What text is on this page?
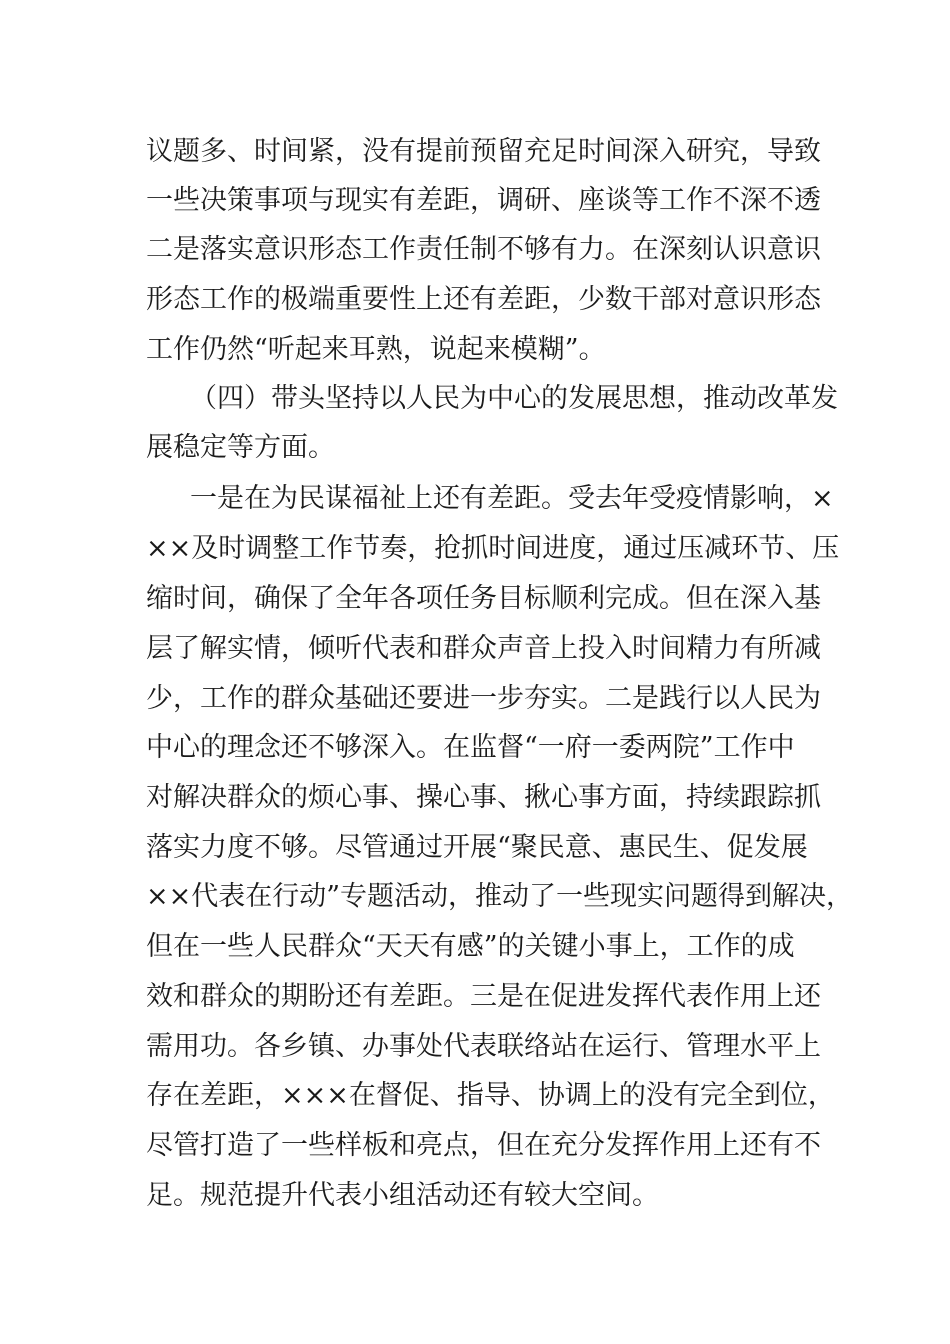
议题多、时间紧，没有提前预留充足时间深入研究，导致
一些决策事项与现实有差距，调研、座谈等工作不深不透
二是落实意识形态工作责任制不够有力。在深刻认识意识
形态工作的极端重要性上还有差距，少数干部对意识形态
工作仍然“听起来耳熟，说起来模糊”。
（四）带头坚持以人民为中心的发展思想，推动改革发
展稳定等方面。
一是在为民谋福祉上还有差距。受去年受疫情影响，×
××及时调整工作节奏，抢抓时间进度，通过压减环节、压
缩时间，确保了全年各项任务目标顺利完成。但在深入基
层了解实情，倾听代表和群众声音上投入时间精力有所减
少，工作的群众基础还要进一步夯实。二是践行以人民为
中心的理念还不够深入。在监督“一府一委两院”工作中
对解决群众的烦心事、操心事、揪心事方面，持续跟踪抓
落实力度不够。尽管通过开展“聚民意、惠民生、促发展
××代表在行动”专题活动，推动了一些现实问题得到解决，
但在一些人民群众“天天有感”的关键小事上，工作的成
效和群众的期盼还有差距。三是在促进发挥代表作用上还
需用功。各乡镇、办事处代表联络站在运行、管理水平上
存在差距，×××在督促、指导、协调上的没有完全到位，
尽管打造了一些样板和亮点，但在充分发挥作用上还有不
足。规范提升代表小组活动还有较大空间。
